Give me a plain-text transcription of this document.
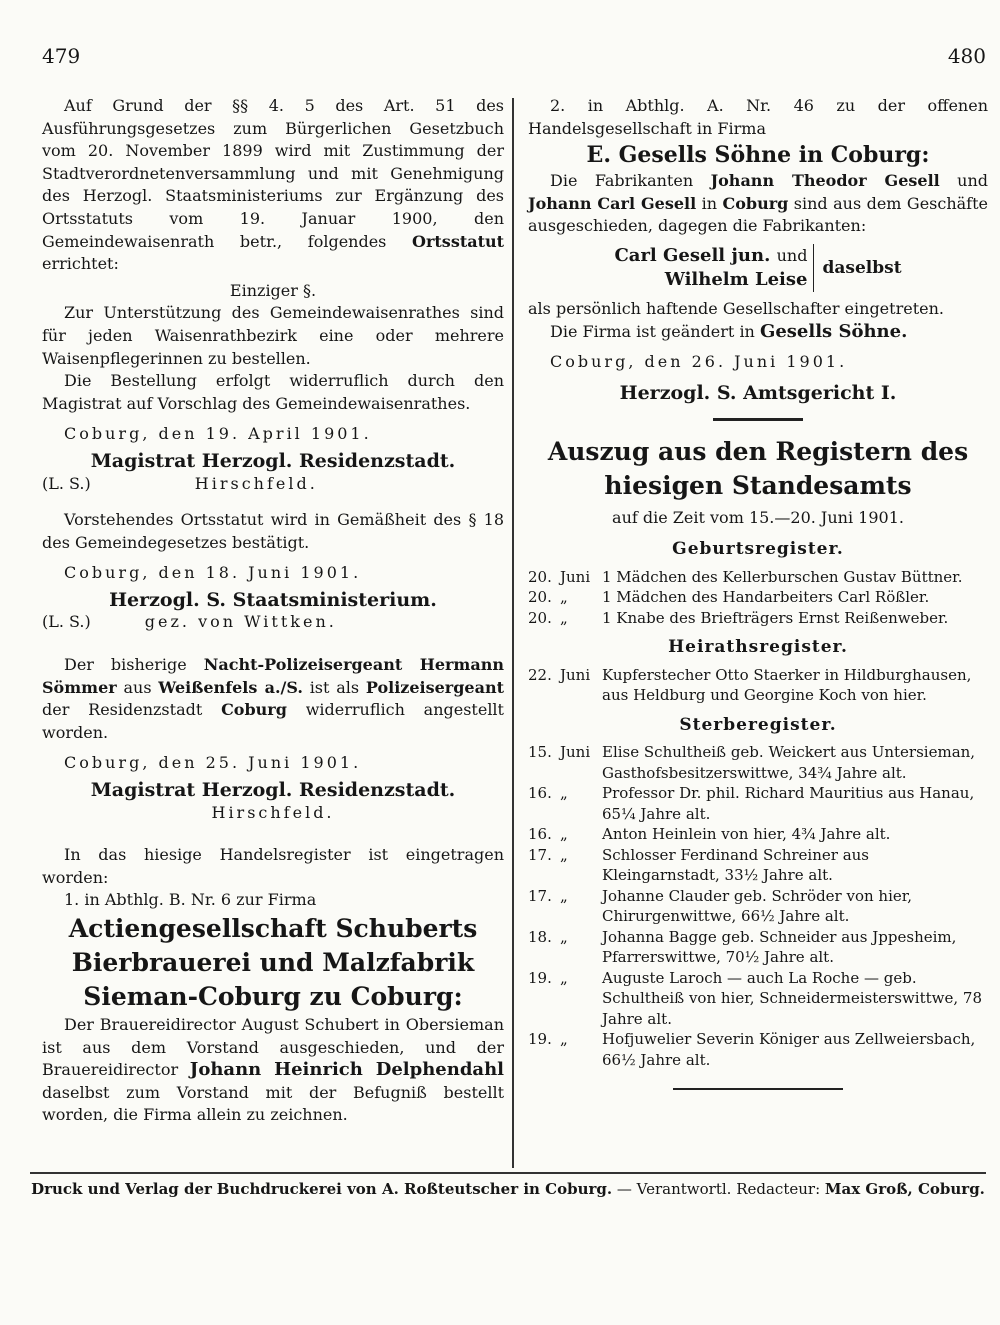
479	480

Auf Grund der §§ 4. 5 des Art. 51 des Ausführungsgesetzes zum Bürgerlichen Gesetzbuch vom 20. November 1899 wird mit Zustimmung der Stadtverordnetenversammlung und mit Genehmigung des Herzogl. Staatsministeriums zur Ergänzung des Ortsstatuts vom 19. Januar 1900, den Gemeindewaisenrath betr., folgendes Ortsstatut errichtet:

Einziger §.

Zur Unterstützung des Gemeindewaisenrathes sind für jeden Waisenrathbezirk eine oder mehrere Waisenpflegerinnen zu bestellen.

Die Bestellung erfolgt widerruflich durch den Magistrat auf Vorschlag des Gemeindewaisenrathes.

Coburg, den 19. April 1901.

Magistrat Herzogl. Residenzstadt.

(L. S.)	Hirschfeld.

Vorstehendes Ortsstatut wird in Gemäßheit des § 18 des Gemeindegesetzes bestätigt.

Coburg, den 18. Juni 1901.

Herzogl. S. Staatsministerium.

(L. S.)	gez. von Wittken.

Der bisherige Nacht-Polizeisergeant Hermann Sömmer aus Weißenfels a./S. ist als Polizeisergeant der Residenzstadt Coburg widerruflich angestellt worden.

Coburg, den 25. Juni 1901.

Magistrat Herzogl. Residenzstadt.

Hirschfeld.

In das hiesige Handelsregister ist eingetragen worden:

1. in Abthlg. B. Nr. 6 zur Firma

Actiengesellschaft Schuberts Bierbrauerei und Malzfabrik Sieman-Coburg zu Coburg:

Der Brauereidirector August Schubert in Obersieman ist aus dem Vorstand ausgeschieden, und der Brauereidirector Johann Heinrich Delphendahl daselbst zum Vorstand mit der Befugniß bestellt worden, die Firma allein zu zeichnen.

2. in Abthlg. A. Nr. 46 zu der offenen Handelsgesellschaft in Firma

E. Gesells Söhne in Coburg:

Die Fabrikanten Johann Theodor Gesell und Johann Carl Gesell in Coburg sind aus dem Geschäfte ausgeschieden, dagegen die Fabrikanten:

Carl Gesell jun. und
Wilhelm Leise
daselbst

als persönlich haftende Gesellschafter eingetreten.

Die Firma ist geändert in Gesells Söhne.

Coburg, den 26. Juni 1901.

Herzogl. S. Amtsgericht I.

Auszug aus den Registern des hiesigen Standesamts

auf die Zeit vom 15.—20. Juni 1901.

Geburtsregister.
20. Juni 1 Mädchen des Kellerburschen Gustav Büttner.
20. „	1 Mädchen des Handarbeiters Carl Rößler.
20. „	1 Knabe des Briefträgers Ernst Reißenweber.
Heirathsregister.
22. Juni Kupferstecher Otto Staerker in Hildburghausen, aus Heldburg und Georgine Koch von hier.
Sterberegister.
15. Juni Elise Schultheiß geb. Weickert aus Untersieman, Gasthofsbesitzerswittwe, 34¾ Jahre alt.
16. „	Professor Dr. phil. Richard Mauritius aus Hanau, 65¼ Jahre alt.
16. „	Anton Heinlein von hier, 4¾ Jahre alt.
17. „	Schlosser Ferdinand Schreiner aus Kleingarnstadt, 33½ Jahre alt.
17. „	Johanne Clauder geb. Schröder von hier, Chirurgenwittwe, 66½ Jahre alt.
18. „	Johanna Bagge geb. Schneider aus Jppesheim, Pfarrerswittwe, 70½ Jahre alt.
19. „	Auguste Laroch — auch La Roche — geb. Schultheiß von hier, Schneidermeisterswittwe, 78 Jahre alt.
19. „	Hofjuwelier Severin Königer aus Zellweiersbach, 66½ Jahre alt.
Druck und Verlag der Buchdruckerei von A. Roßteutscher in Coburg. — Verantwortl. Redacteur: Max Groß, Coburg.
